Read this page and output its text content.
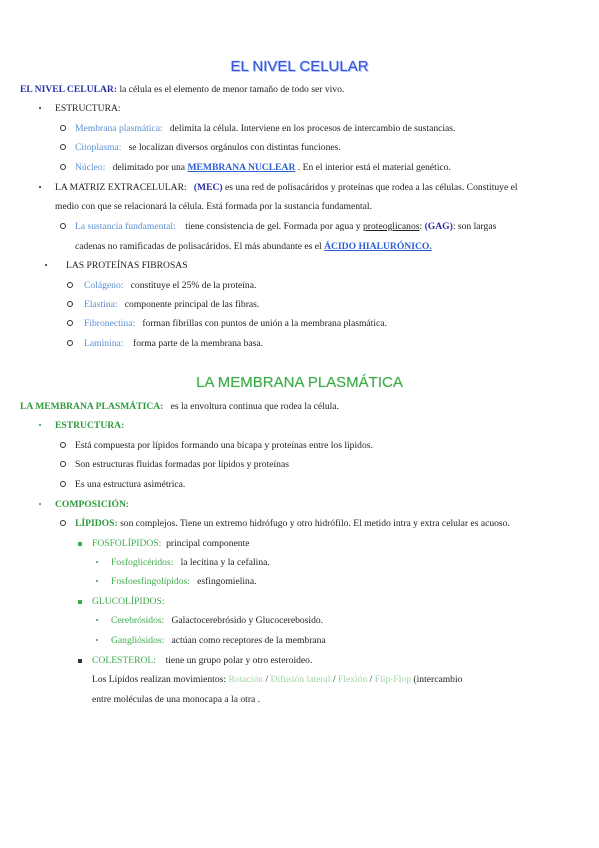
EL NIVEL CELULAR
EL NIVEL CELULAR: la célula es el elemento de menor tamaño de todo ser vivo.
•	ESTRUCTURA:
Membrana plasmática: delimita la célula. Interviene en los procesos de intercambio de sustancias.
Citoplasma: se localizan diversos orgánulos con distintas funciones.
Núcleo: delimitado por una MEMBRANA NUCLEAR . En el interior está el material genético.
•	LA MATRIZ EXTRACELULAR: (MEC) es una red de polisacáridos y proteínas que rodea a las células. Constituye el
medio con que se relacionará la célula. Está formada por la sustancia fundamental.
La sustancia fundamental: tiene consistencia de gel. Formada por agua y proteoglicanos: (GAG): son largas
cadenas no ramificadas de polisacáridos. El más abundante es el ÁCIDO HIALURÓNICO.
•	LAS PROTEÍNAS FIBROSAS
Colágeno: constituye el 25% de la proteína.
Elastina: componente principal de las fibras.
Fibronectina: forman fibrillas con puntos de unión a la membrana plasmática.
Laminina: forma parte de la membrana basa.
LA MEMBRANA PLASMÁTICA
LA MEMBRANA PLASMÁTICA: es la envoltura continua que rodea la célula.
•	ESTRUCTURA:
Está compuesta por lípidos formando una bicapa y proteínas entre los lípidos.
Son estructuras fluidas formadas por lípidos y proteínas
Es una estructura asimétrica.
•	COMPOSICIÓN:
LÍPIDOS: son complejos. Tiene un extremo hidrófugo y otro hidrófilo. El metido intra y extra celular es acuoso.
FOSFOLÍPIDOS: principal componente
•	Fosfoglicéridos: la lecitina y la cefalina.
•	Fosfoesfingolípidos: esfingomielina.
GLUCOLÍPIDOS:
•	Cerebrósidos: Galactocerebrósido y Glucocerebosido.
•	Gangliósidos: actúan como receptores de la membrana
COLESTEROL: tiene un grupo polar y otro esteroideo.
Los Lípidos realizan movimientos: Rotación / Difusión lateral / Flexión / Flip-Flop (intercambio
entre moléculas de una monocapa a la otra .
